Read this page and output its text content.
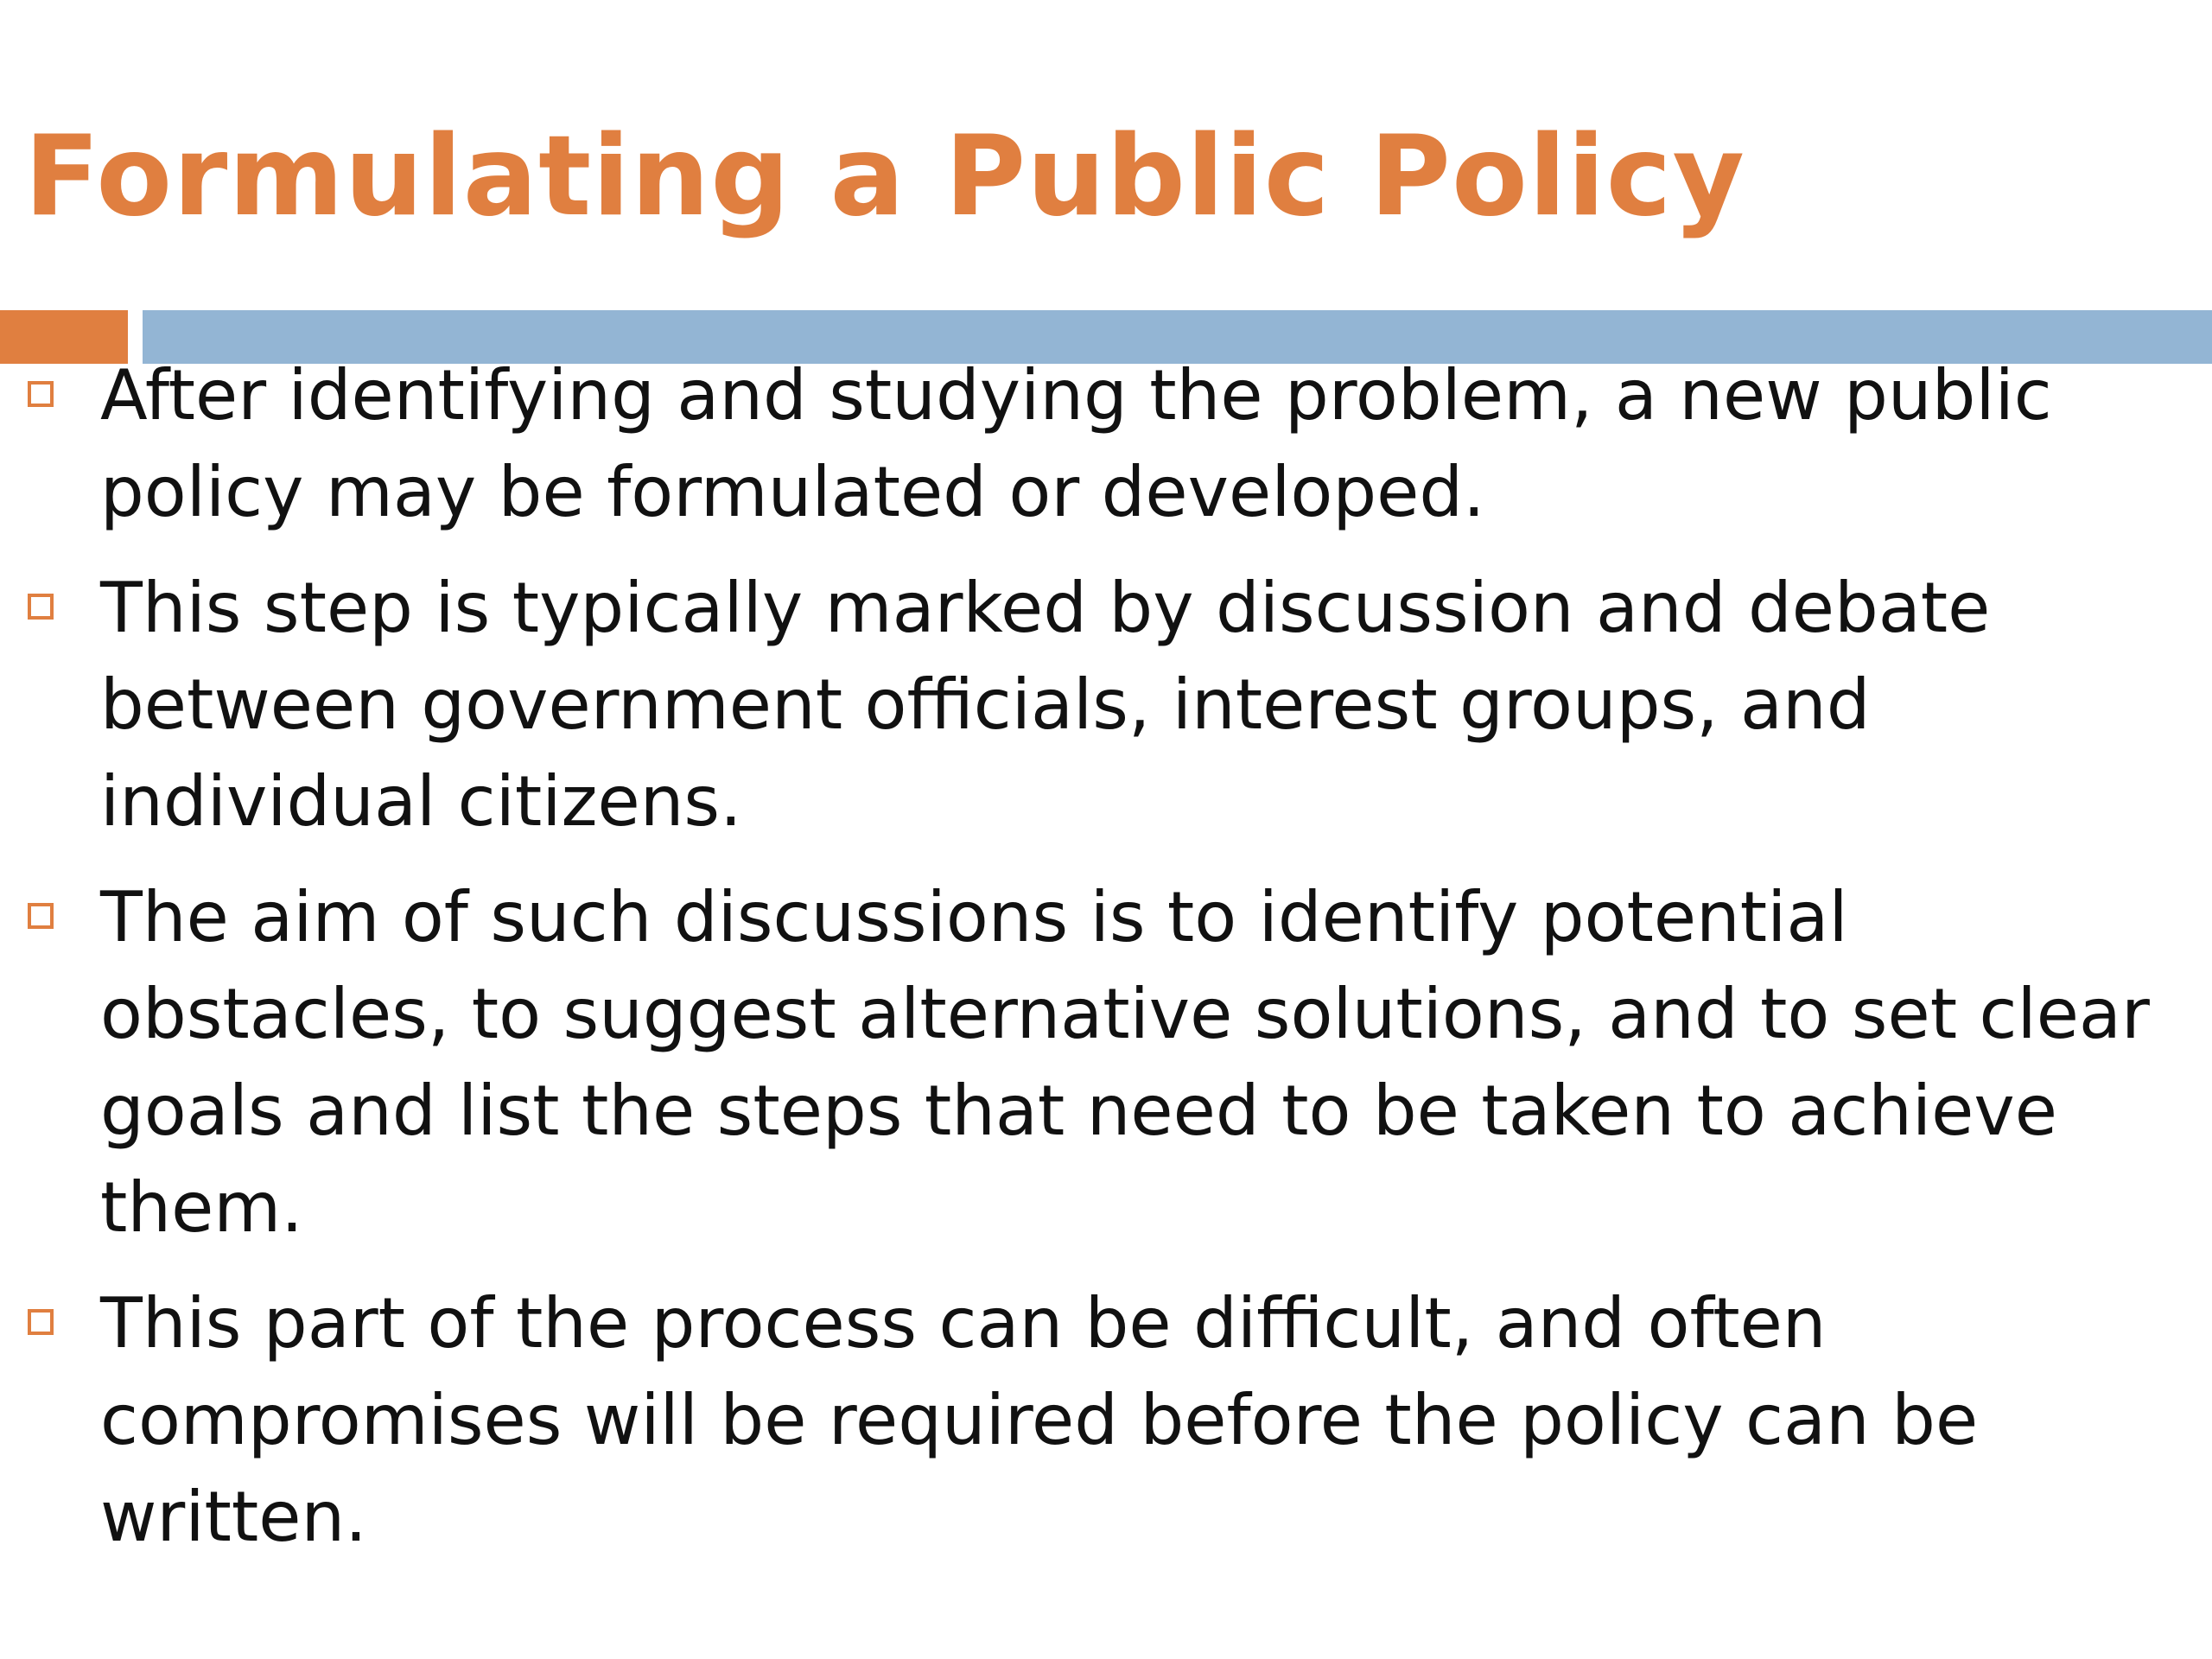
Formulating a Public Policy
After identifying and studying the problem, a new public policy may be formulated or developed.
This step is typically marked by discussion and debate between government officials, interest groups, and individual citizens.
The aim of such discussions is to identify potential obstacles, to suggest alternative solutions, and to set clear goals and list the steps that need to be taken to achieve them.
This part of the process can be difficult, and often compromises will be required before the policy can be written.
